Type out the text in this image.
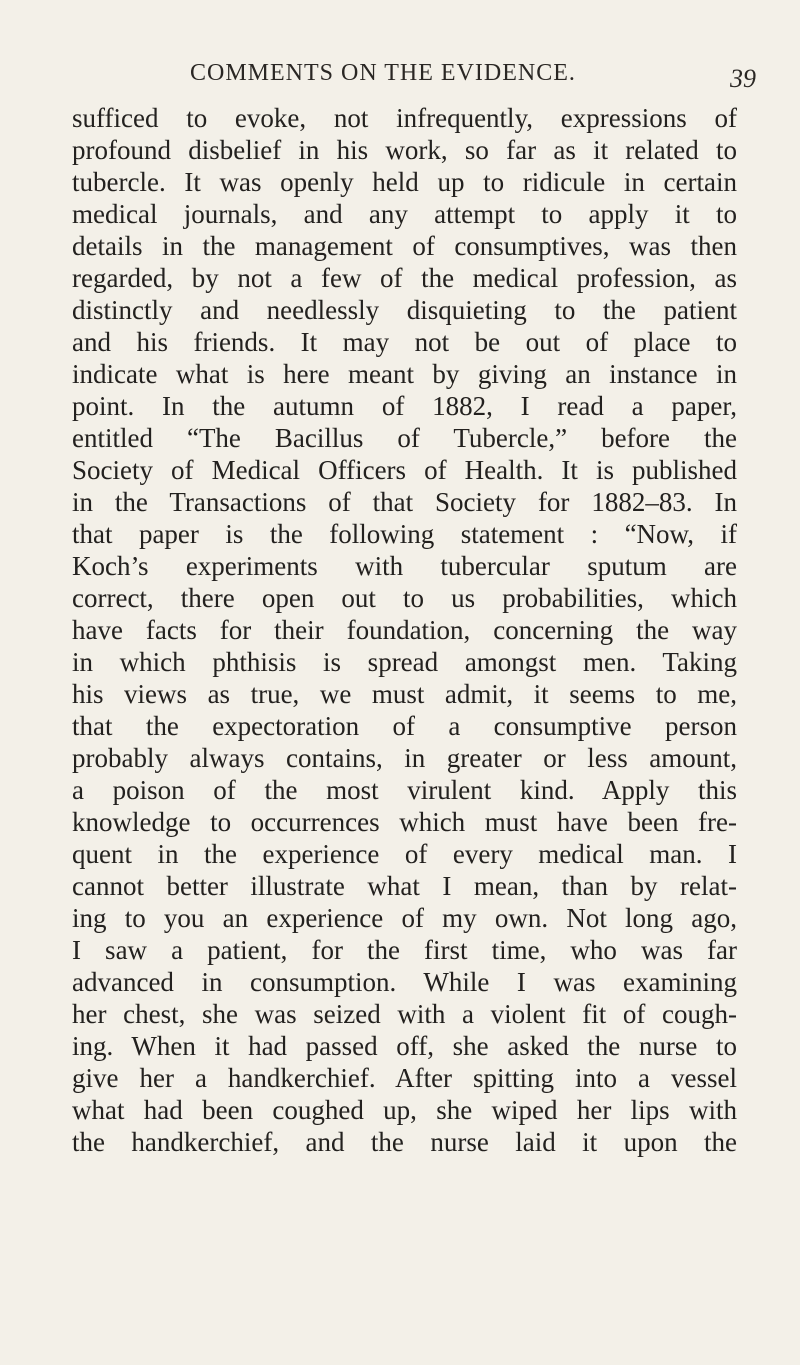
COMMENTS ON THE EVIDENCE.	39
sufficed to evoke, not infrequently, expressions of
profound disbelief in his work, so far as it related to
tubercle. It was openly held up to ridicule in certain
medical journals, and any attempt to apply it to
details in the management of consumptives, was then
regarded, by not a few of the medical profession, as
distinctly and needlessly disquieting to the patient
and his friends. It may not be out of place to
indicate what is here meant by giving an instance in
point. In the autumn of 1882, I read a paper,
entitled “The Bacillus of Tubercle,” before the
Society of Medical Officers of Health. It is published
in the Transactions of that Society for 1882–83. In
that paper is the following statement : “Now, if
Koch’s experiments with tubercular sputum are
correct, there open out to us probabilities, which
have facts for their foundation, concerning the way
in which phthisis is spread amongst men. Taking
his views as true, we must admit, it seems to me,
that the expectoration of a consumptive person
probably always contains, in greater or less amount,
a poison of the most virulent kind. Apply this
knowledge to occurrences which must have been fre-
quent in the experience of every medical man. I
cannot better illustrate what I mean, than by relat-
ing to you an experience of my own. Not long ago,
I saw a patient, for the first time, who was far
advanced in consumption. While I was examining
her chest, she was seized with a violent fit of cough-
ing. When it had passed off, she asked the nurse to
give her a handkerchief. After spitting into a vessel
what had been coughed up, she wiped her lips with
the handkerchief, and the nurse laid it upon the
